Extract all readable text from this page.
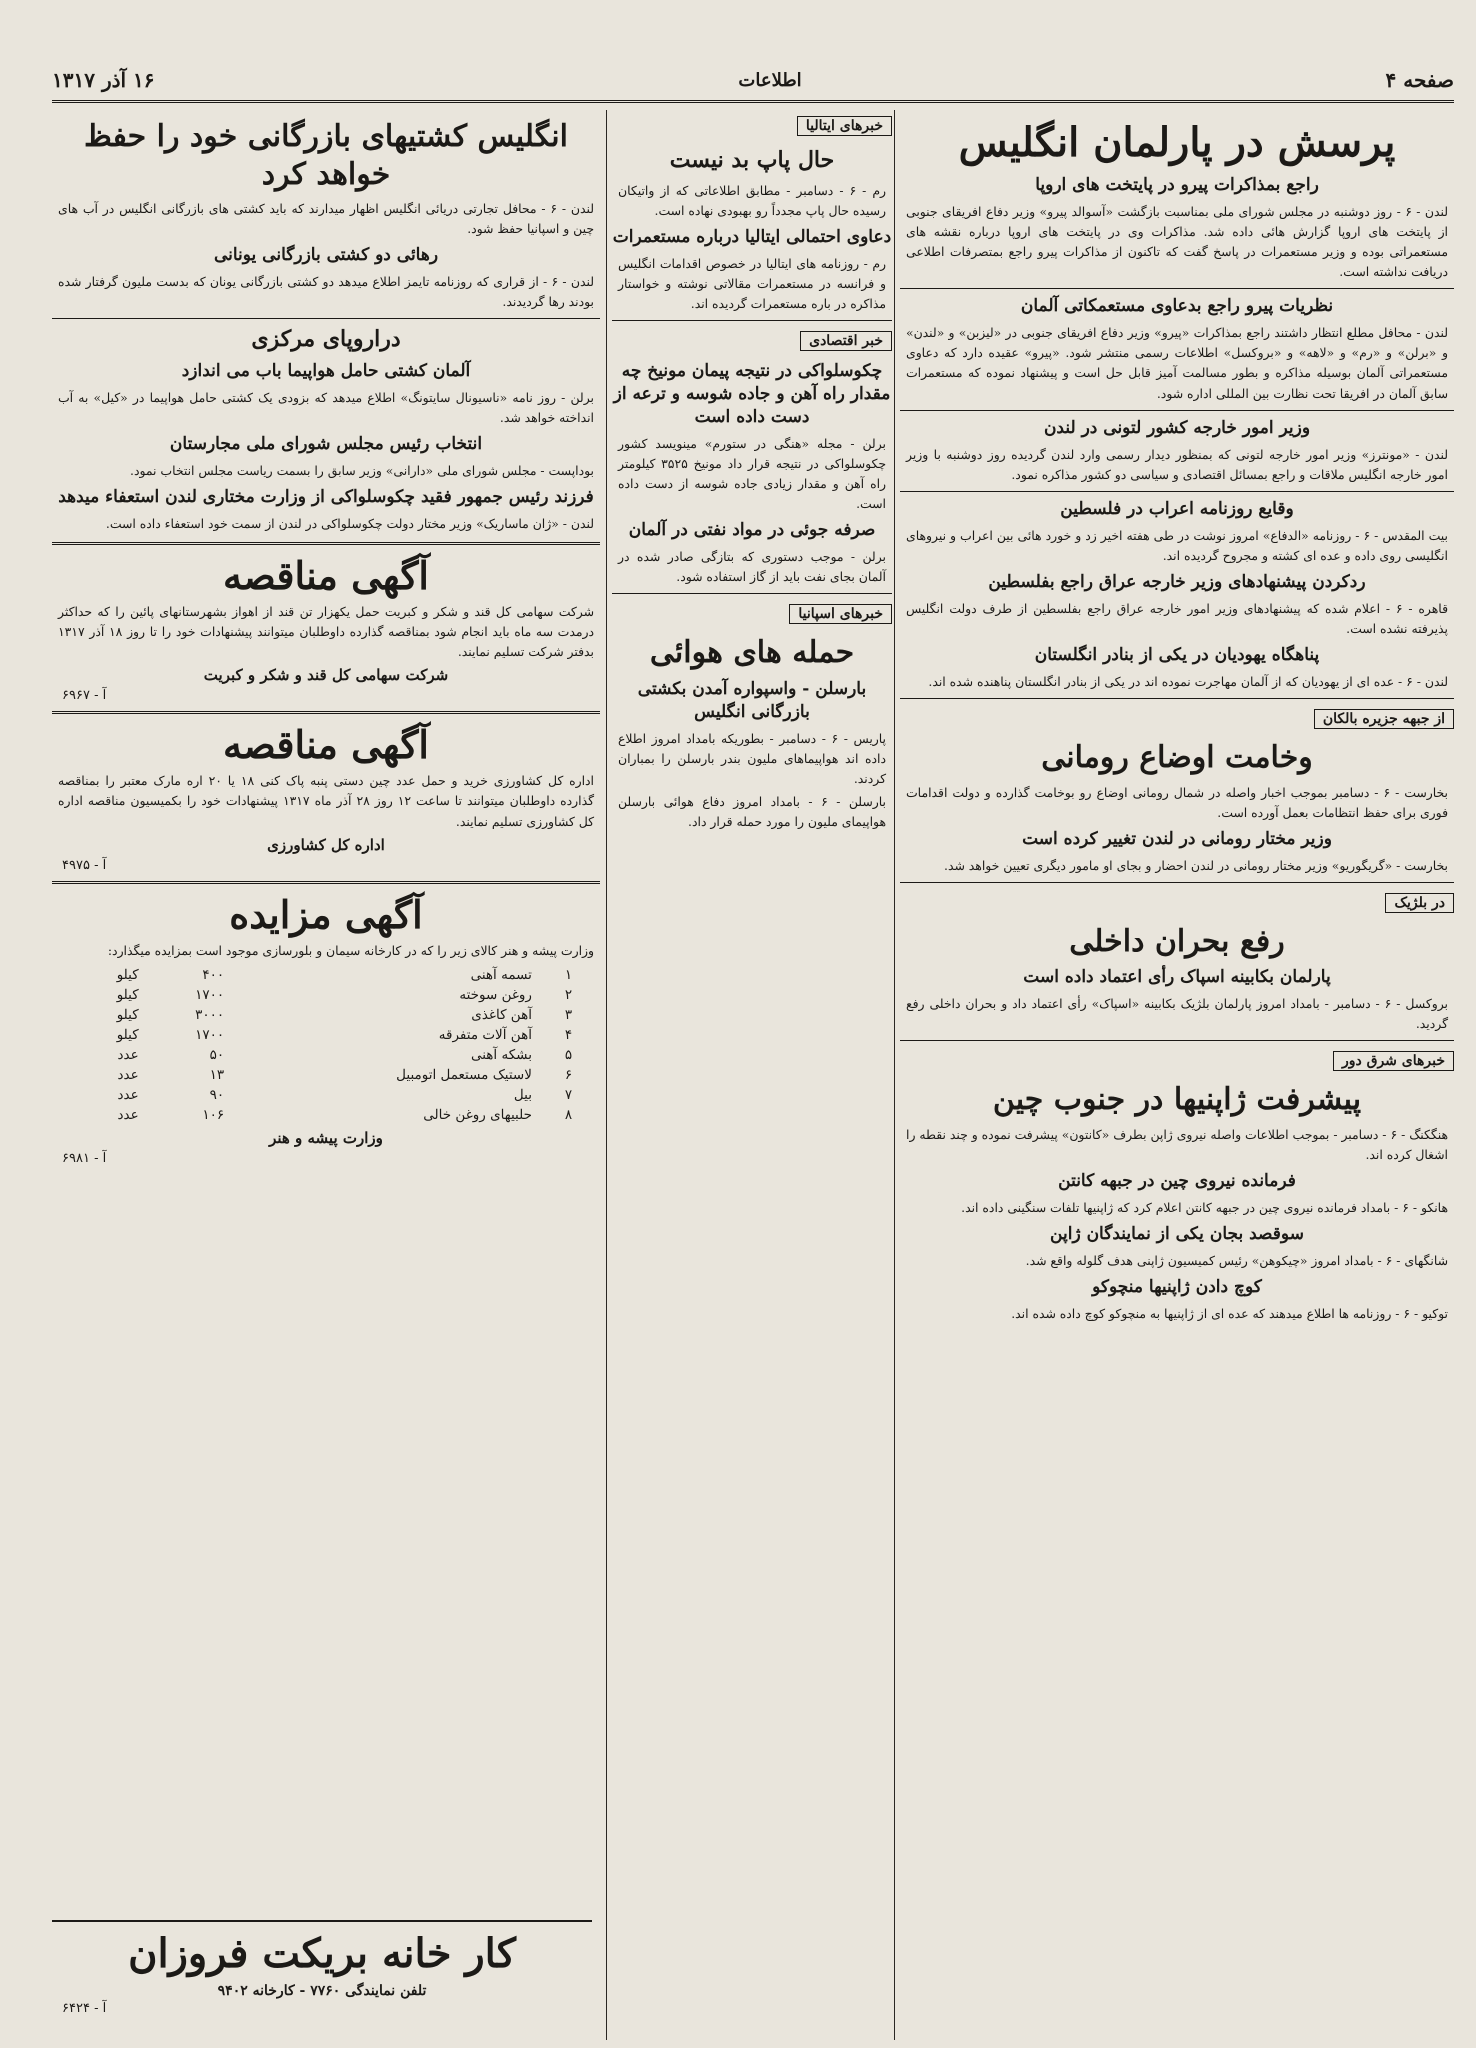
صفحه ۴
اطلاعات
۱۶ آذر ۱۳۱۷
پرسش در پارلمان انگلیس
راجع بمذاکرات پیرو در پایتخت های اروپا

لندن - ۶ - روز دوشنبه در مجلس شورای ملی بمناسبت بازگشت «آسوالد پیرو» وزیر دفاع افریقای جنوبی از پایتخت های اروپا گزارش هائی داده شد. مذاکرات وی در پایتخت های اروپا درباره نقشه های مستعمراتی بوده و وزیر مستعمرات در پاسخ گفت که تاکنون از مذاکرات پیرو راجع بمتصرفات اطلاعی دریافت نداشته است.

نظریات پیرو راجع بدعاوی مستعمکاتی آلمان

لندن - محافل مطلع انتظار داشتند راجع بمذاکرات «پیرو» وزیر دفاع افریقای جنوبی در «لیزبن» و «لندن» و «برلن» و «رم» و «لاهه» و «بروکسل» اطلاعات رسمی منتشر شود. «پیرو» عقیده دارد که دعاوی مستعمراتی آلمان بوسیله مذاکره و بطور مسالمت آمیز قابل حل است و پیشنهاد نموده که مستعمرات سابق آلمان در افریقا تحت نظارت بین المللی اداره شود.

وزیر امور خارجه کشور لتونی در لندن

لندن - «مونترز» وزیر امور خارجه لتونی که بمنظور دیدار رسمی وارد لندن گردیده روز دوشنبه با وزیر امور خارجه انگلیس ملاقات و راجع بمسائل اقتصادی و سیاسی دو کشور مذاکره نمود.

وقایع روزنامه اعراب در فلسطین

بیت المقدس - ۶ - روزنامه «الدفاع» امروز نوشت در طی هفته اخیر زد و خورد هائی بین اعراب و نیروهای انگلیسی روی داده و عده ای کشته و مجروح گردیده اند.

ردکردن پیشنهادهای وزیر خارجه عراق راجع بفلسطین

قاهره - ۶ - اعلام شده که پیشنهادهای وزیر امور خارجه عراق راجع بفلسطین از طرف دولت انگلیس پذیرفته نشده است.

پناهگاه یهودیان در یکی از بنادر انگلستان

لندن - ۶ - عده ای از یهودیان که از آلمان مهاجرت نموده اند در یکی از بنادر انگلستان پناهنده شده اند.

از جبهه جزیره بالکان
وخامت اوضاع رومانی

بخارست - ۶ - دسامبر بموجب اخبار واصله در شمال رومانی اوضاع رو بوخامت گذارده و دولت اقدامات فوری برای حفظ انتظامات بعمل آورده است.

وزیر مختار رومانی در لندن تغییر کرده است

بخارست - «گریگوریو» وزیر مختار رومانی در لندن احضار و بجای او مامور دیگری تعیین خواهد شد.

در بلژیک
رفع بحران داخلی
پارلمان بکابینه اسپاک رأی اعتماد داده است

بروکسل - ۶ - دسامبر - بامداد امروز پارلمان بلژیک بکابینه «اسپاک» رأی اعتماد داد و بحران داخلی رفع گردید.

خبرهای شرق دور
پیشرفت ژاپنیها در جنوب چین

هنگکنگ - ۶ - دسامبر - بموجب اطلاعات واصله نیروی ژاپن بطرف «کانتون» پیشرفت نموده و چند نقطه را اشغال کرده اند.

فرمانده نیروی چین در جبهه کانتن

هانکو - ۶ - بامداد فرمانده نیروی چین در جبهه کانتن اعلام کرد که ژاپنیها تلفات سنگینی داده اند.

سوقصد بجان یکی از نمایندگان ژاپن

شانگهای - ۶ - بامداد امروز «چیکوهن» رئیس کمیسیون ژاپنی هدف گلوله واقع شد.

کوچ دادن ژاپنیها منچوکو

توکیو - ۶ - روزنامه ها اطلاع میدهند که عده ای از ژاپنیها به منچوکو کوچ داده شده اند.

خبرهای ایتالیا
حال پاپ بد نیست

رم - ۶ - دسامبر - مطابق اطلاعاتی که از واتیکان رسیده حال پاپ مجدداً رو بهبودی نهاده است.

دعاوی احتمالی ایتالیا درباره مستعمرات

رم - روزنامه های ایتالیا در خصوص اقدامات انگلیس و فرانسه در مستعمرات مقالاتی نوشته و خواستار مذاکره در باره مستعمرات گردیده اند.

خبر اقتصادی
چکوسلواکی در نتیجه پیمان مونیخ چه مقدار راه آهن و جاده شوسه و ترعه از دست داده است

برلن - مجله «هنگی در ستورم» مینویسد کشور چکوسلواکی در نتیجه قرار داد مونیخ ۳۵۲۵ کیلومتر راه آهن و مقدار زیادی جاده شوسه از دست داده است.

صرفه جوئی در مواد نفتی در آلمان

برلن - موجب دستوری که بتازگی صادر شده در آلمان بجای نفت باید از گاز استفاده شود.

خبرهای اسپانیا
حمله های هوائی
بارسلن - واسپواره آمدن بکشتی بازرگانی انگلیس

پاریس - ۶ - دسامبر - بطوریکه بامداد امروز اطلاع داده اند هواپیماهای ملیون بندر بارسلن را بمباران کردند.

بارسلن - ۶ - بامداد امروز دفاع هوائی بارسلن هواپیمای ملیون را مورد حمله قرار داد.

انگلیس کشتیهای بازرگانی خود را حفظ خواهد کرد

لندن - ۶ - محافل تجارتی دریائی انگلیس اظهار میدارند که باید کشتی های بازرگانی انگلیس در آب های چین و اسپانیا حفظ شود.

رهائی دو کشتی بازرگانی یونانی

لندن - ۶ - از قراری که روزنامه تایمز اطلاع میدهد دو کشتی بازرگانی یونان که بدست ملیون گرفتار شده بودند رها گردیدند.

دراروپای مرکزی
آلمان کشتی حامل هواپیما باب می اندازد

برلن - روز نامه «ناسیونال سایتونگ» اطلاع میدهد که بزودی یک کشتی حامل هواپیما در «کیل» به آب انداخته خواهد شد.

انتخاب رئیس مجلس شورای ملی مجارستان

بوداپست - مجلس شورای ملی «دارانی» وزیر سابق را بسمت ریاست مجلس انتخاب نمود.

فرزند رئیس جمهور فقید چکوسلواکی از وزارت مختاری لندن استعفاء میدهد

لندن - «ژان ماساریک» وزیر مختار دولت چکوسلواکی در لندن از سمت خود استعفاء داده است.

آگهی مناقصه

شرکت سهامی کل قند و شکر و کبریت حمل یکهزار تن قند از اهواز بشهرستانهای پائین را که حداکثر درمدت سه ماه باید انجام شود بمناقصه گذارده داوطلبان میتوانند پیشنهادات خود را تا روز ۱۸ آذر ۱۳۱۷ بدفتر شرکت تسلیم نمایند.

شرکت سهامی کل قند و شکر و کبریت
آ - ۶۹۶۷
آگهی مناقصه

اداره کل کشاورزی خرید و حمل عدد چین دستی پنبه پاک کنی ۱۸ یا ۲۰ اره مارک معتبر را بمناقصه گذارده داوطلبان میتوانند تا ساعت ۱۲ روز ۲۸ آذر ماه ۱۳۱۷ پیشنهادات خود را بکمیسیون مناقصه اداره کل کشاورزی تسلیم نمایند.

اداره کل کشاورزی
آ - ۴۹۷۵
آگهی مزایده

وزارت پیشه و هنر کالای زیر را که در کارخانه سیمان و بلورسازی موجود است بمزایده میگذارد:

۱	تسمه آهنی	۴۰۰	کیلو
۲	روغن سوخته	۱۷۰۰	کیلو
۳	آهن کاغذی	۳۰۰۰	کیلو
۴	آهن آلات متفرقه	۱۷۰۰	کیلو
۵	بشکه آهنی	۵۰	عدد
۶	لاستیک مستعمل اتومبیل	۱۳	عدد
۷	بیل	۹۰	عدد
۸	حلبیهای روغن خالی	۱۰۶	عدد
وزارت پیشه و هنر
آ - ۶۹۸۱
کار خانه بریکت فروزان
تلفن نمایندگی ۷۷۶۰ - کارخانه ۹۴۰۲
آ - ۶۴۲۴
